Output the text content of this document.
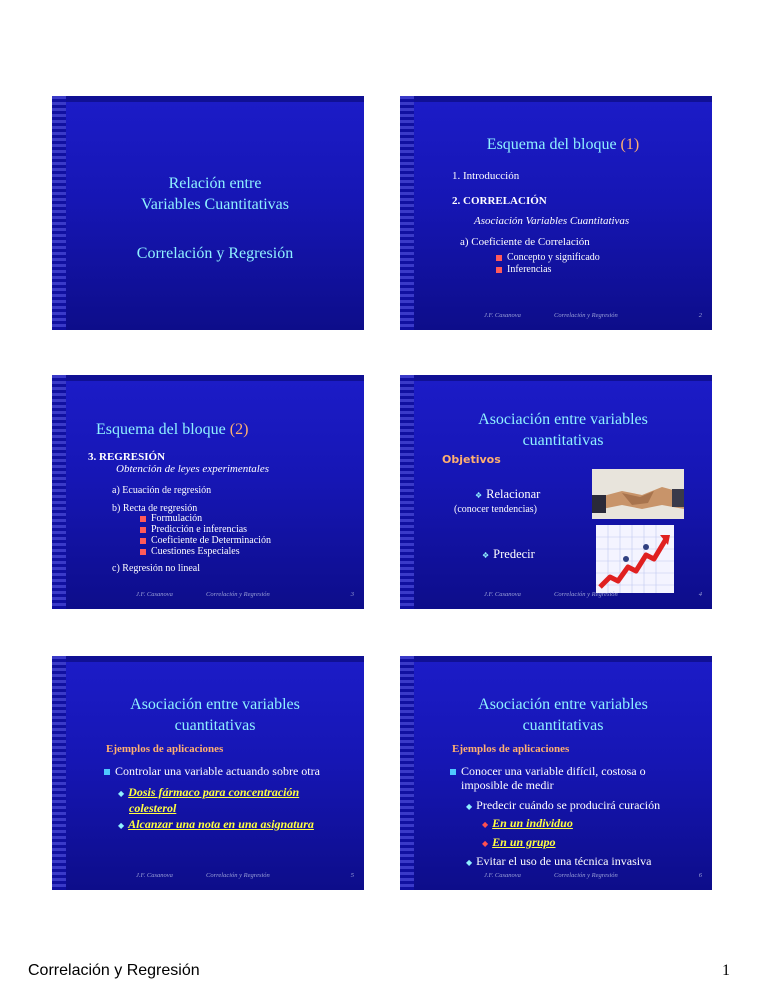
Relación entre
Variables Cuantitativas
Correlación y Regresión
Esquema del bloque (1)
1. Introducción
2. CORRELACIÓN
Asociación Variables Cuantitativas
a) Coeficiente de Correlación
Concepto y significado
Inferencias
J.F. Casanova	Correlación y Regresión	2
Esquema del bloque (2)
3. REGRESIÓN
Obtención de leyes experimentales
a) Ecuación de regresión
b) Recta de regresión
Formulación
Predicción e inferencias
Coeficiente de Determinación
Cuestiones Especiales
c) Regresión no lineal
J.F. Casanova	Correlación y Regresión	3
Asociación entre variables
cuantitativas
Objetivos
❖ Relacionar
(conocer tendencias)
❖ Predecir
J.F. Casanova	Correlación y Regresión	4
Asociación entre variables
cuantitativas
Ejemplos de aplicaciones
Controlar una variable actuando sobre otra
◆ Dosis fármaco para concentración
colesterol
◆ Alcanzar una nota en una asignatura
J.F. Casanova	Correlación y Regresión	5
Asociación entre variables
cuantitativas
Ejemplos de aplicaciones
Conocer una variable difícil, costosa o
imposible de medir
◆ Predecir cuándo se producirá curación
◆ En un individuo
◆ En un grupo
◆ Evitar el uso de una técnica invasiva
J.F. Casanova	Correlación y Regresión	6
Correlación y Regresión	1
